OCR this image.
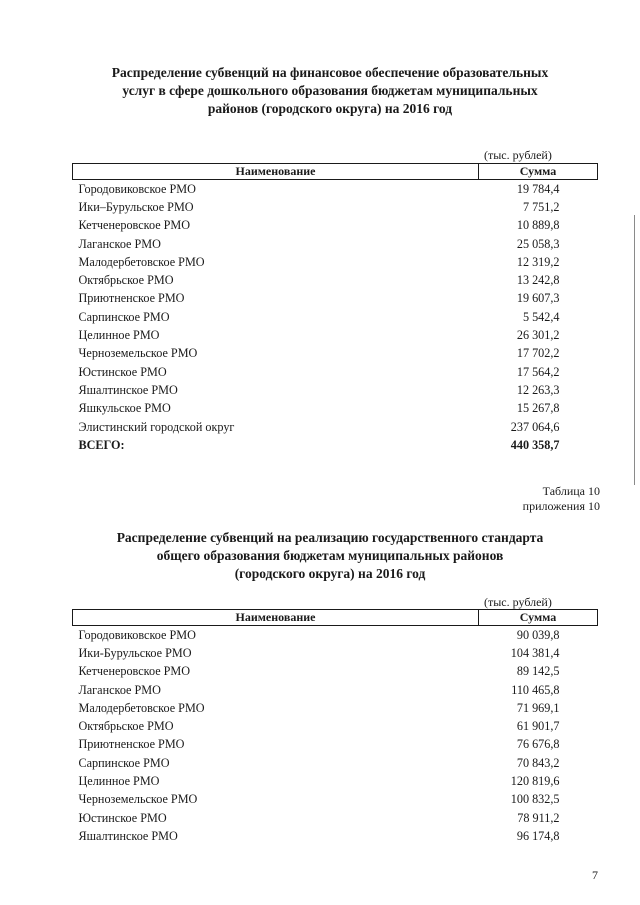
Распределение субвенций на финансовое обеспечение образовательных
услуг в сфере дошкольного образования бюджетам муниципальных
районов (городского округа) на 2016 год
(тыс. рублей)
Наименование	Сумма
Городовиковское РМО	19 784,4
Ики–Бурульское РМО	7 751,2
Кетченеровское РМО	10 889,8
Лаганское РМО	25 058,3
Малодербетовское РМО	12 319,2
Октябрьское РМО	13 242,8
Приютненское РМО	19 607,3
Сарпинское РМО	5 542,4
Целинное РМО	26 301,2
Черноземельское РМО	17 702,2
Юстинское РМО	17 564,2
Яшалтинское РМО	12 263,3
Яшкульское РМО	15 267,8
Элистинский городской округ	237 064,6
ВСЕГО:	440 358,7
Таблица 10
приложения 10
Распределение субвенций на реализацию государственного стандарта
общего образования бюджетам муниципальных районов
(городского округа) на 2016 год
(тыс. рублей)
Наименование	Сумма
Городовиковское РМО	90 039,8
Ики-Бурульское РМО	104 381,4
Кетченеровское РМО	89 142,5
Лаганское РМО	110 465,8
Малодербетовское РМО	71 969,1
Октябрьское РМО	61 901,7
Приютненское РМО	76 676,8
Сарпинское РМО	70 843,2
Целинное РМО	120 819,6
Черноземельское РМО	100 832,5
Юстинское РМО	78 911,2
Яшалтинское РМО	96 174,8
7
